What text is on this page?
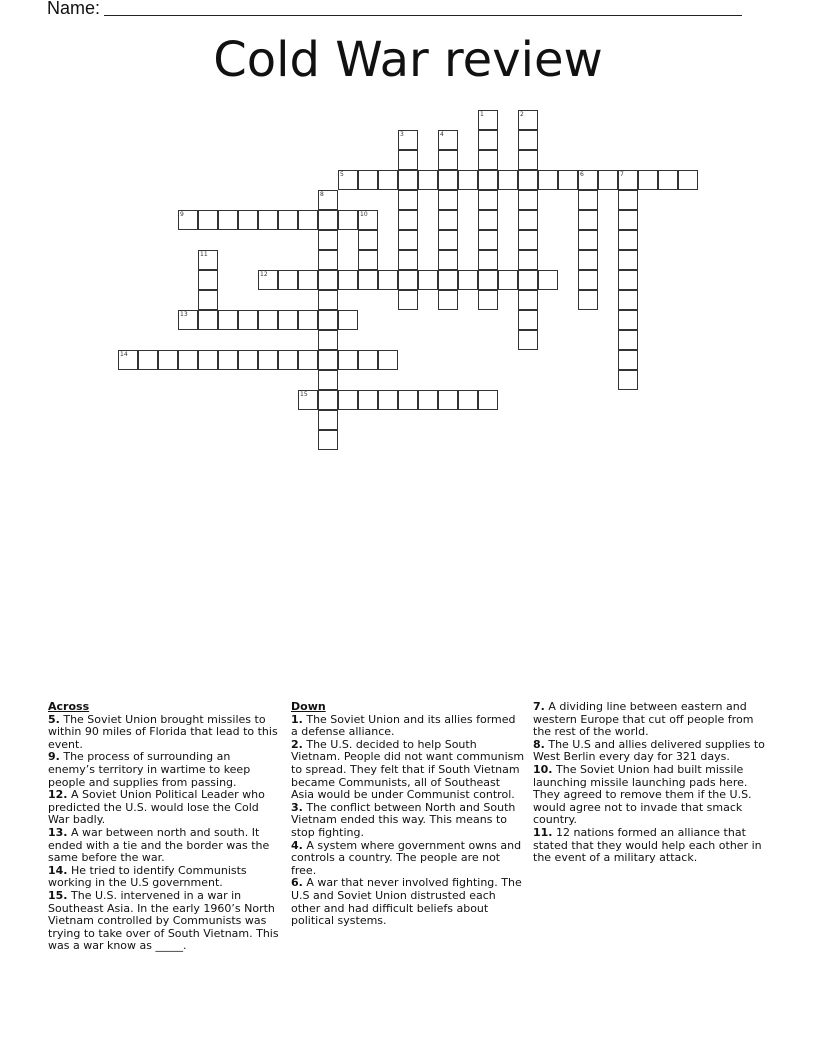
Name:
Cold War review
1	2
3	4
5	6	7
8
9	10
11
12
13
14
15
Across
5. The Soviet Union brought missiles to within 90 miles of Florida that lead to this event.
9. The process of surrounding an enemy’s territory in wartime to keep people and supplies from passing.
12. A Soviet Union Political Leader who predicted the U.S. would lose the Cold War badly.
13. A war between north and south. It ended with a tie and the border was the same before the war.
14. He tried to identify Communists working in the U.S government.
15. The U.S. intervened in a war in Southeast Asia. In the early 1960’s North Vietnam controlled by Communists was trying to take over of South Vietnam. This was a war know as _____.
Down
1. The Soviet Union and its allies formed a defense alliance.
2. The U.S. decided to help South Vietnam. People did not want communism to spread. They felt that if South Vietnam became Communists, all of Southeast Asia would be under Communist control.
3. The conflict between North and South Vietnam ended this way. This means to stop fighting.
4. A system where government owns and controls a country. The people are not free.
6. A war that never involved fighting. The U.S and Soviet Union distrusted each other and had difficult beliefs about political systems.
7. A dividing line between eastern and western Europe that cut off people from the rest of the world.
8. The U.S and allies delivered supplies to West Berlin every day for 321 days.
10. The Soviet Union had built missile launching missile launching pads here. They agreed to remove them if the U.S. would agree not to invade that smack country.
11. 12 nations formed an alliance that stated that they would help each other in the event of a military attack.
